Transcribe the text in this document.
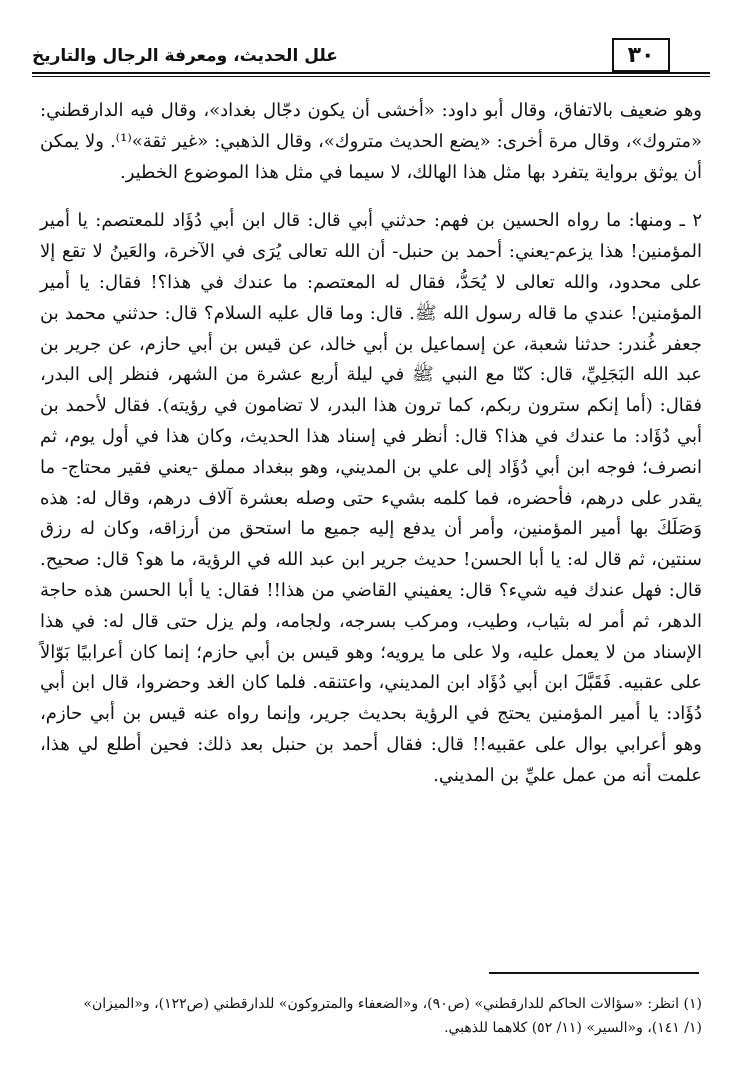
٣٠
علل الحديث، ومعرفة الرجال والتاريخ

وهو ضعيف بالاتفاق، وقال أبو داود: «أخشى أن يكون دجّال بغداد»، وقال فيه الدارقطني: «متروك»، وقال مرة أخرى: «يضع الحديث متروك»، وقال الذهبي: «غير ثقة»⁽¹⁾. ولا يمكن أن يوثق برواية يتفرد بها مثل هذا الهالك، لا سيما في مثل هذا الموضوع الخطير.

٢ ـ ومنها: ما رواه الحسين بن فهم: حدثني أبي قال: قال ابن أبي دُؤَاد للمعتصم: يا أمير المؤمنين! هذا يزعم-يعني: أحمد بن حنبل- أن الله تعالى يُرَى في الآخرة، والعَينُ لا تقع إلا على محدود، والله تعالى لا يُحَدُّ، فقال له المعتصم: ما عندك في هذا؟! فقال: يا أمير المؤمنين! عندي ما قاله رسول الله ﷺ. قال: وما قال عليه السلام؟ قال: حدثني محمد بن جعفر غُندر: حدثنا شعبة، عن إسماعيل بن أبي خالد، عن قيس بن أبي حازم، عن جرير بن عبد الله البَجَلِيِّ، قال: كنّا مع النبي ﷺ في ليلة أربع عشرة من الشهر، فنظر إلى البدر، فقال: (أما إنكم سترون ربكم، كما ترون هذا البدر، لا تضامون في رؤيته). فقال لأحمد بن أبي دُؤَاد: ما عندك في هذا؟ قال: أنظر في إسناد هذا الحديث، وكان هذا في أول يوم، ثم انصرف؛ فوجه ابن أبي دُؤَاد إلى علي بن المديني، وهو ببغداد مملق -يعني فقير محتاج- ما يقدر على درهم، فأحضره، فما كلمه بشيء حتى وصله بعشرة آلاف درهم، وقال له: هذه وَصَلَكَ بها أمير المؤمنين، وأمر أن يدفع إليه جميع ما استحق من أرزاقه، وكان له رزق سنتين، ثم قال له: يا أبا الحسن! حديث جرير ابن عبد الله في الرؤية، ما هو؟ قال: صحيح. قال: فهل عندك فيه شيء؟ قال: يعفيني القاضي من هذا!! فقال: يا أبا الحسن هذه حاجة الدهر، ثم أمر له بثياب، وطيب، ومركب بسرجه، ولجامه، ولم يزل حتى قال له: في هذا الإسناد من لا يعمل عليه، ولا على ما يرويه؛ وهو قيس بن أبي حازم؛ إنما كان أعرابيًا بَوّالاً على عقبيه. فَقَبَّلَ ابن أبي دُؤَاد ابن المديني، واعتنقه. فلما كان الغد وحضروا، قال ابن أبي دُؤَاد: يا أمير المؤمنين يحتج في الرؤية بحديث جرير، وإنما رواه عنه قيس بن أبي حازم، وهو أعرابي بوال على عقبيه!! قال: فقال أحمد بن حنبل بعد ذلك: فحين أطلع لي هذا، علمت أنه من عمل عليِّ بن المديني.

(١) انظر: «سؤالات الحاكم للدارقطني» (ص٩٠)، و«الضعفاء والمتروكون» للدارقطني (ص١٢٢)، و«الميزان»
(١/ ١٤١)، و«السير» (١١/ ٥٢) كلاهما للذهبي.
